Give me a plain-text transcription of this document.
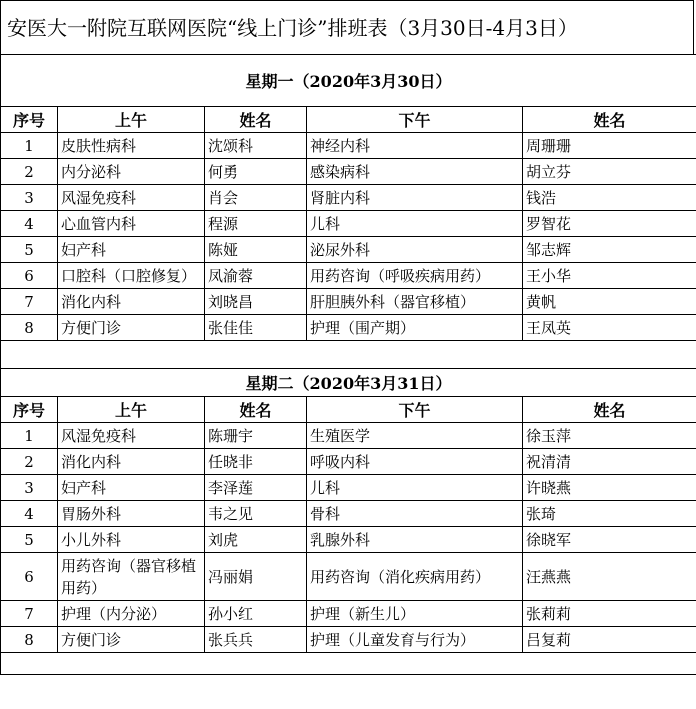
安医大一附院互联网医院“线上门诊”排班表（3月30日-4月3日）
星期一（2020年3月30日）				
序号	上午	姓名	下午	姓名
1	皮肤性病科	沈颂科	神经内科	周珊珊
2	内分泌科	何勇	感染病科	胡立芬
3	风湿免疫科	肖会	肾脏内科	钱浩
4	心血管内科	程源	儿科	罗智花
5	妇产科	陈娅	泌尿外科	邹志辉
6	口腔科（口腔修复）	凤渝蓉	用药咨询（呼吸疾病用药）	王小华
7	消化内科	刘晓昌	肝胆胰外科（器官移植）	黄帆
8	方便门诊	张佳佳	护理（围产期）	王凤英

星期二（2020年3月31日）				
序号	上午	姓名	下午	姓名
1	风湿免疫科	陈珊宇	生殖医学	徐玉萍
2	消化内科	任晓非	呼吸内科	祝清清
3	妇产科	李泽莲	儿科	许晓燕
4	胃肠外科	韦之见	骨科	张琦
5	小儿外科	刘虎	乳腺外科	徐晓军
6	用药咨询（器官移植用药）	冯丽娟	用药咨询（消化疾病用药）	汪燕燕
7	护理（内分泌）	孙小红	护理（新生儿）	张莉莉
8	方便门诊	张兵兵	护理（儿童发育与行为）	吕复莉
